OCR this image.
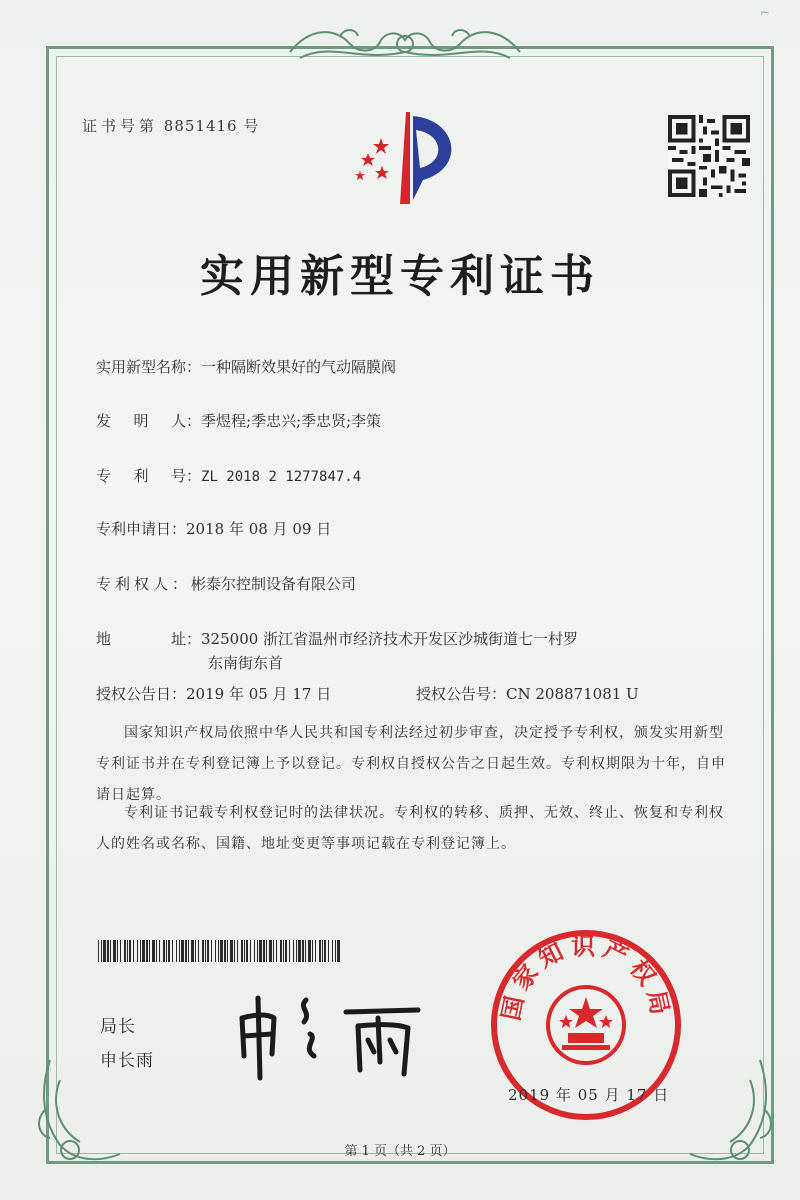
⌐
证书号第 8851416 号
实用新型专利证书
实用新型名称：一种隔断效果好的气动隔膜阀
发 明 人 ：季煜程;季忠兴;季忠贤;李策
专 利 号 ：ZL 2018 2 1277847.4
专利申请日：2018 年 08 月 09 日
专利权人：彬泰尔控制设备有限公司
地	址 ：325000 浙江省温州市经济技术开发区沙城街道七一村罗
东南街东首
授权公告日：2019 年 05 月 17 日	授权公告号：CN 208871081 U
国家知识产权局依照中华人民共和国专利法经过初步审查，决定授予专利权，颁发实用新型专利证书并在专利登记簿上予以登记。专利权自授权公告之日起生效。专利权期限为十年，自申请日起算。
专利证书记载专利权登记时的法律状况。专利权的转移、质押、无效、终止、恢复和专利权人的姓名或名称、国籍、地址变更等事项记载在专利登记簿上。
局长
申长雨
国家知识产权局
2019 年 05 月 17 日
第 1 页（共 2 页）
